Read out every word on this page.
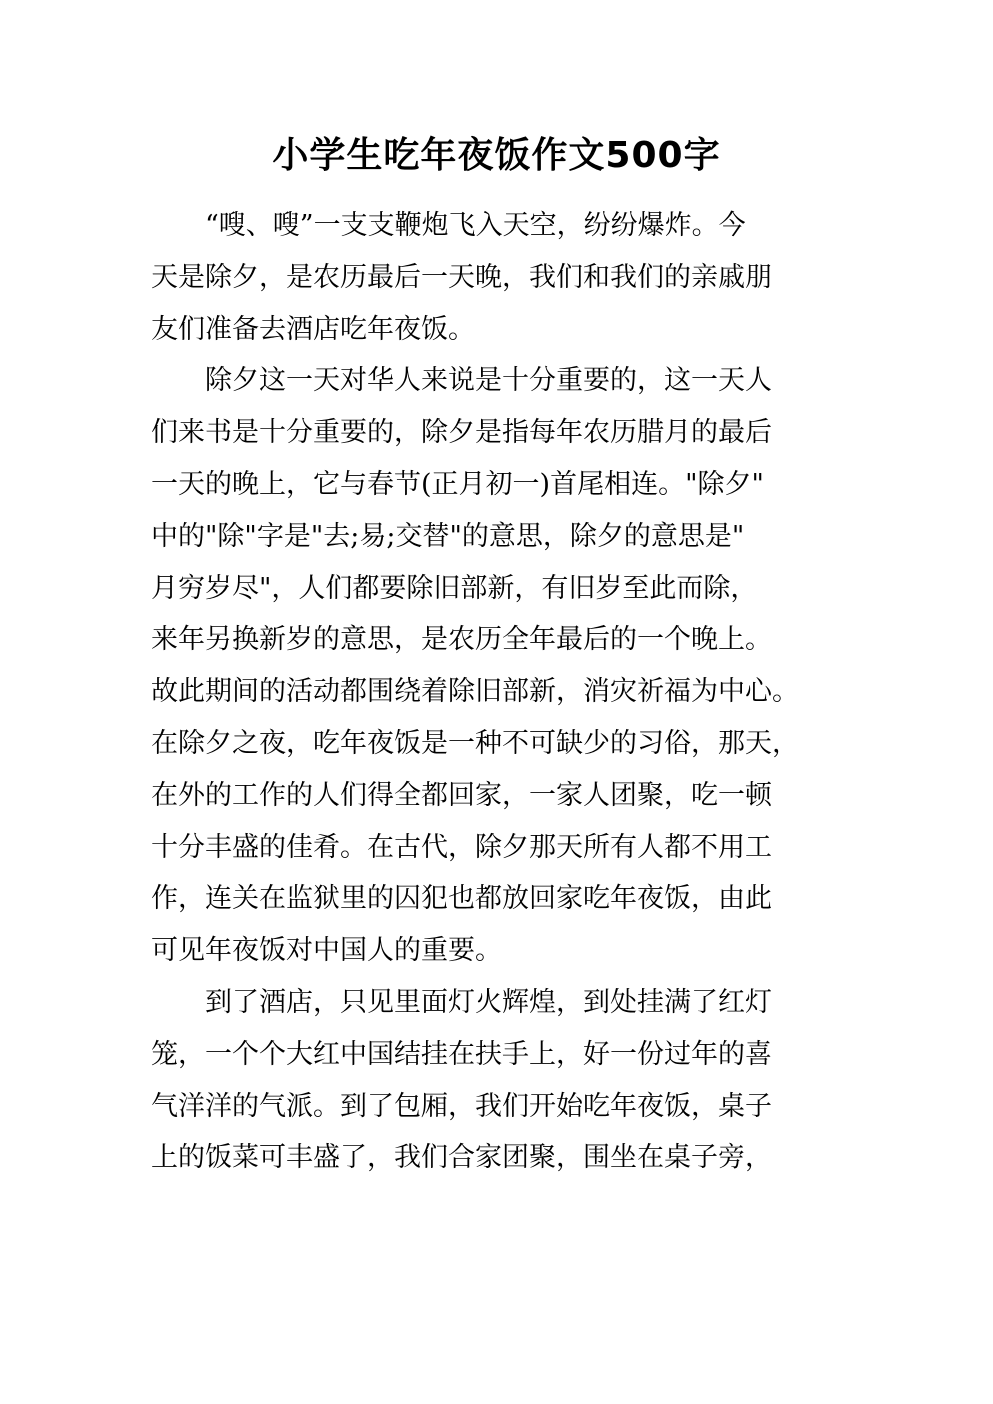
小学生吃年夜饭作文500字
　　“嗖、嗖”一支支鞭炮飞入天空，纷纷爆炸。今
天是除夕，是农历最后一天晚，我们和我们的亲戚朋
友们准备去酒店吃年夜饭。
　　除夕这一天对华人来说是十分重要的，这一天人
们来书是十分重要的，除夕是指每年农历腊月的最后
一天的晚上，它与春节(正月初一)首尾相连。"除夕"
中的"除"字是"去;易;交替"的意思，除夕的意思是"
月穷岁尽"，人们都要除旧部新，有旧岁至此而除，
来年另换新岁的意思，是农历全年最后的一个晚上。
故此期间的活动都围绕着除旧部新，消灾祈福为中心。
在除夕之夜，吃年夜饭是一种不可缺少的习俗，那天，
在外的工作的人们得全都回家，一家人团聚，吃一顿
十分丰盛的佳肴。在古代，除夕那天所有人都不用工
作，连关在监狱里的囚犯也都放回家吃年夜饭，由此
可见年夜饭对中国人的重要。
　　到了酒店，只见里面灯火辉煌，到处挂满了红灯
笼，一个个大红中国结挂在扶手上，好一份过年的喜
气洋洋的气派。到了包厢，我们开始吃年夜饭，桌子
上的饭菜可丰盛了，我们合家团聚，围坐在桌子旁，
